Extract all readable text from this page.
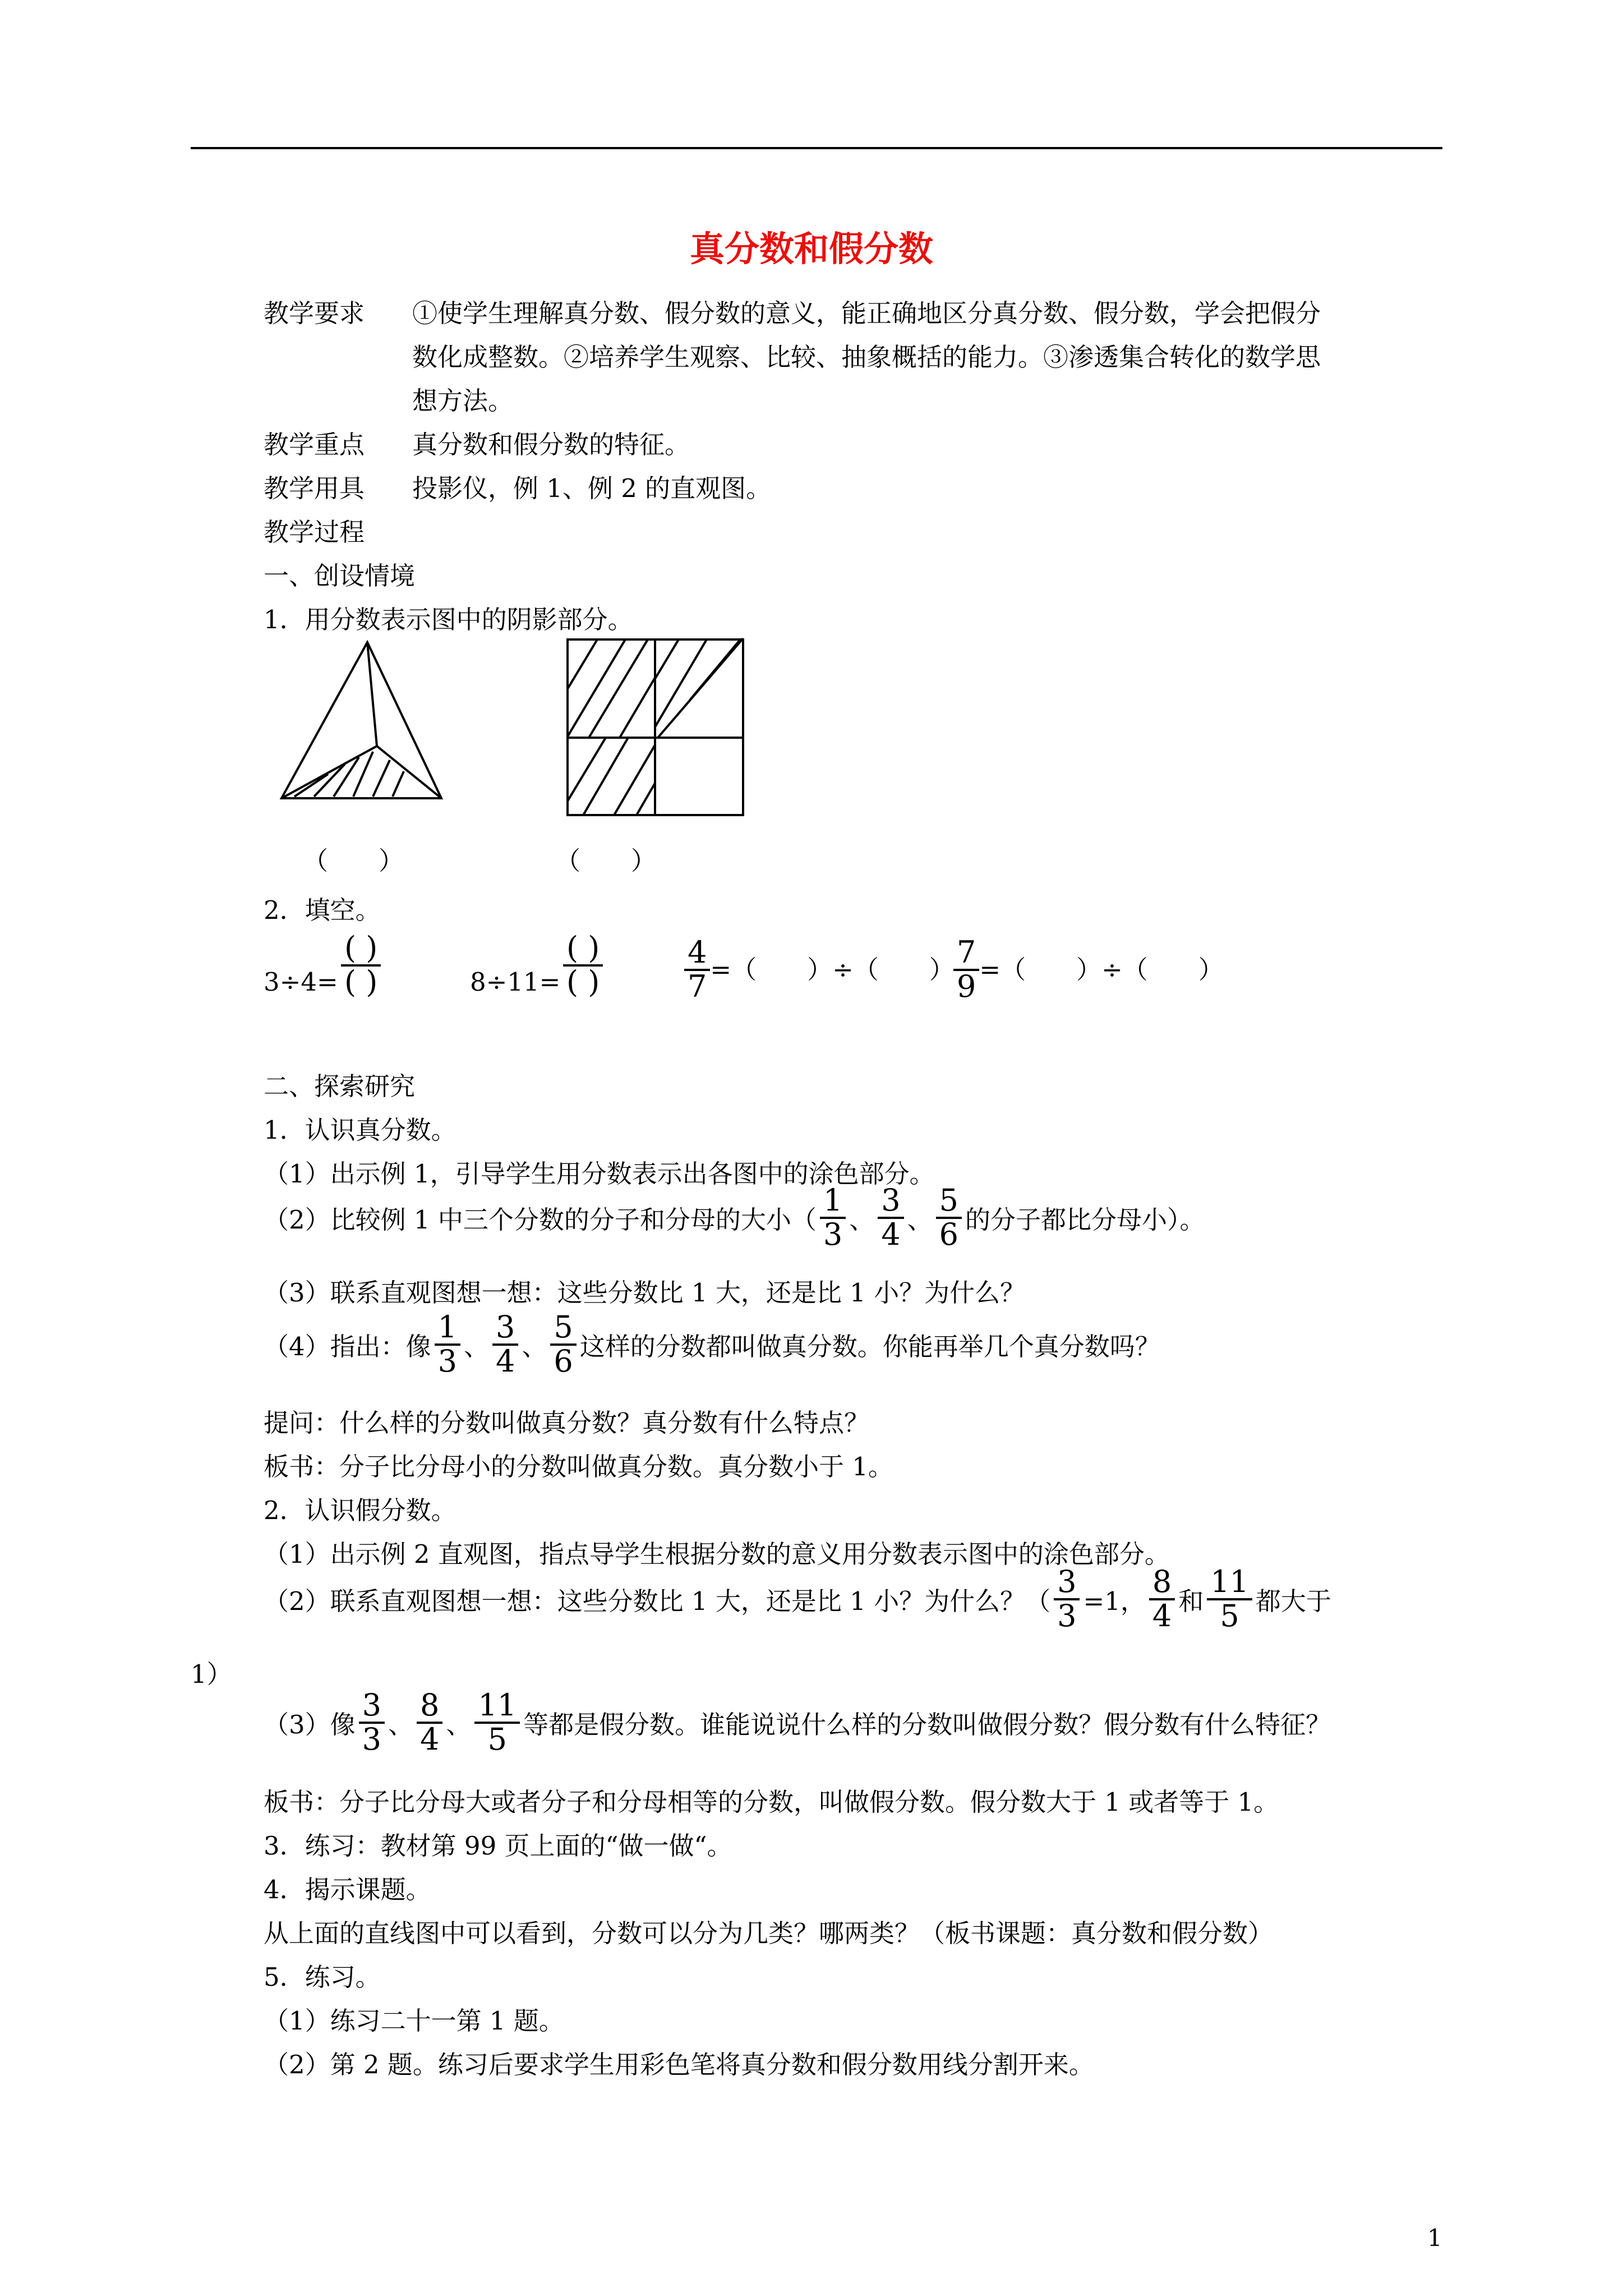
真分数和假分数
教学要求 ①使学生理解真分数、假分数的意义，能正确地区分真分数、假分数，学会把假分
数化成整数。②培养学生观察、比较、抽象概括的能力。③渗透集合转化的数学思
想方法。
教学重点 真分数和假分数的特征。
教学用具 投影仪，例 1、例 2 的直观图。
教学过程
一、创设情境
1．用分数表示图中的阴影部分。
（　　）	（　　）
2．填空。
3÷4=
( )
( )	8÷11=
( )
( )	$\frac{4}{7}$ =（　　）÷（　　）
$\frac{7}{9}$ =（　　）÷（　　）
二、探索研究
1．认识真分数。
（1）出示例 1，引导学生用分数表示出各图中的涂色部分。
（2）比较例 1 中三个分数的分子和分母的大小（ $\frac{1}{3}$ 、 $\frac{3}{4}$ 、 $\frac{5}{6}$ 的分子都比分母小）。
（3）联系直观图想一想：这些分数比 1 大，还是比 1 小？为什么？
（4）指出：像 $\frac{1}{3}$ 、 $\frac{3}{4}$ 、 $\frac{5}{6}$ 这样的分数都叫做真分数。你能再举几个真分数吗？
提问：什么样的分数叫做真分数？真分数有什么特点？
板书：分子比分母小的分数叫做真分数。真分数小于 1。
2．认识假分数。
（1）出示例 2 直观图，指点导学生根据分数的意义用分数表示图中的涂色部分。
（2）联系直观图想一想：这些分数比 1 大，还是比 1 小？为什么？（ $\frac{3}{3} =1$， $\frac{8}{4}$ 和 $\frac{11}{5}$ 都大于
1）
（3）像 $\frac{3}{3}$ 、 $\frac{8}{4}$ 、 $\frac{11}{5}$ 等都是假分数。谁能说说什么样的分数叫做假分数？假分数有什么特征？
板书：分子比分母大或者分子和分母相等的分数，叫做假分数。假分数大于 1 或者等于 1。
3．练习：教材第 99 页上面的“做一做“。
4．揭示课题。
从上面的直线图中可以看到，分数可以分为几类？哪两类？（板书课题：真分数和假分数）
5．练习。
（1）练习二十一第 1 题。
（2）第 2 题。练习后要求学生用彩色笔将真分数和假分数用线分割开来。
1
